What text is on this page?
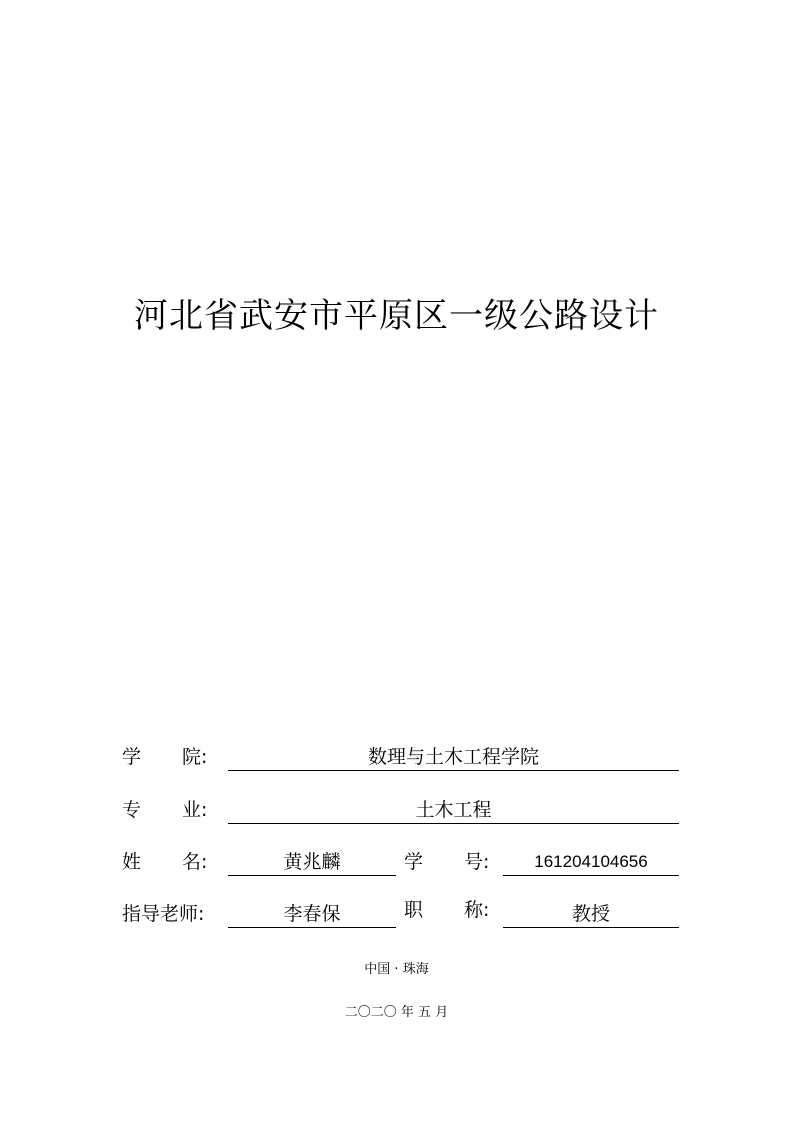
河北省武安市平原区一级公路设计
学 院:	数理与土木工程学院
专 业:	土木工程
姓 名:	黄兆麟	学 号:	161204104656
指导老师:	李春保	职 称:	教授
中国 · 珠海
二〇二〇 年 五 月
